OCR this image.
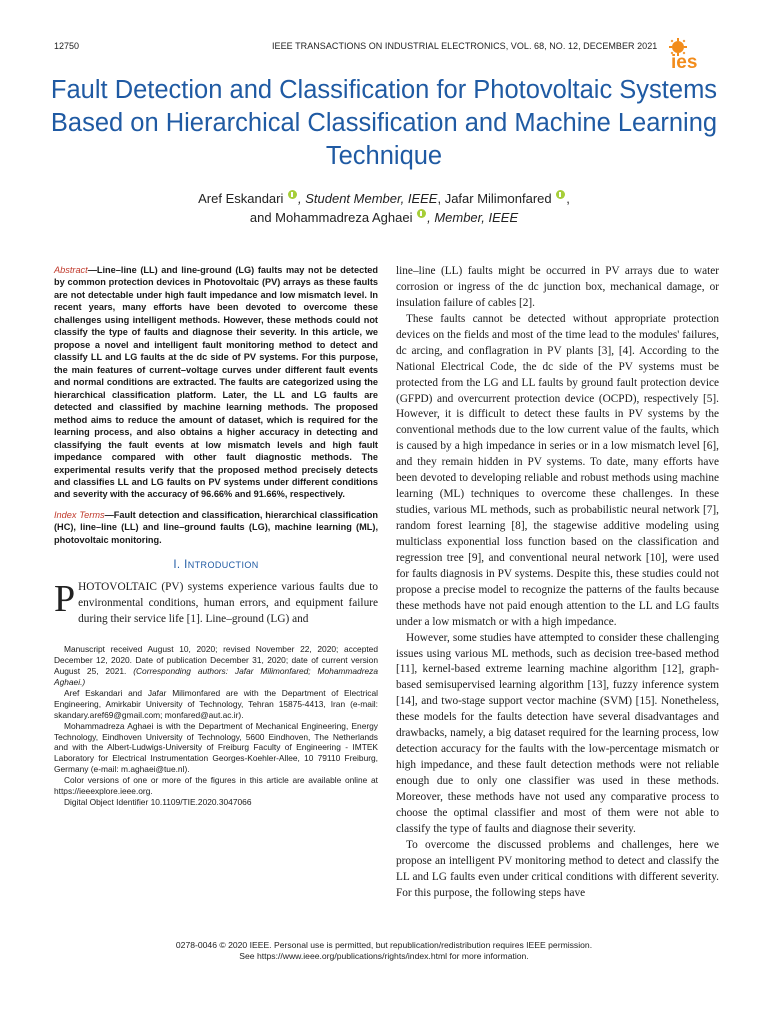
12750	IEEE TRANSACTIONS ON INDUSTRIAL ELECTRONICS, VOL. 68, NO. 12, DECEMBER 2021
ies
Fault Detection and Classification for Photovoltaic Systems Based on Hierarchical Classification and Machine Learning Technique
Aref Eskandari , Student Member, IEEE, Jafar Milimonfared ,
and Mohammadreza Aghaei , Member, IEEE

Abstract—Line–line (LL) and line-ground (LG) faults may not be detected by common protection devices in Photovoltaic (PV) arrays as these faults are not detectable under high fault impedance and low mismatch level. In recent years, many efforts have been devoted to overcome these challenges using intelligent methods. However, these methods could not classify the type of faults and diagnose their severity. In this article, we propose a novel and intelligent fault monitoring method to detect and classify LL and LG faults at the dc side of PV systems. For this purpose, the main features of current–voltage curves under different fault events and normal conditions are extracted. The faults are categorized using the hierarchical classification platform. Later, the LL and LG faults are detected and classified by machine learning methods. The proposed method aims to reduce the amount of dataset, which is required for the learning process, and also obtains a higher accuracy in detecting and classifying the fault events at low mismatch levels and high fault impedance compared with other fault diagnostic methods. The experimental results verify that the proposed method precisely detects and classifies LL and LG faults on PV systems under different conditions and severity with the accuracy of 96.66% and 91.66%, respectively.

Index Terms—Fault detection and classification, hierarchical classification (HC), line–line (LL) and line–ground faults (LG), machine learning (ML), photovoltaic monitoring.

I. INTRODUCTION

PHOTOVOLTAIC (PV) systems experience various faults due to environmental conditions, human errors, and equipment failure during their service life [1]. Line–ground (LG) and

Manuscript received August 10, 2020; revised November 22, 2020; accepted December 12, 2020. Date of publication December 31, 2020; date of current version August 25, 2021. (Corresponding authors: Jafar Milimonfared; Mohammadreza Aghaei.)

Aref Eskandari and Jafar Milimonfared are with the Department of Electrical Engineering, Amirkabir University of Technology, Tehran 15875-4413, Iran (e-mail: skandary.aref69@gmail.com; monfared@aut.ac.ir).

Mohammadreza Aghaei is with the Department of Mechanical Engineering, Energy Technology, Eindhoven University of Technology, 5600 Eindhoven, The Netherlands and with the Albert-Ludwigs-University of Freiburg Faculty of Engineering - IMTEK Laboratory for Electrical Instrumentation Georges-Koehler-Allee, 10 79110 Freiburg, Germany (e-mail: m.aghaei@tue.nl).

Color versions of one or more of the figures in this article are available online at https://ieeexplore.ieee.org.

Digital Object Identifier 10.1109/TIE.2020.3047066

line–line (LL) faults might be occurred in PV arrays due to water corrosion or ingress of the dc junction box, mechanical damage, or insulation failure of cables [2].

These faults cannot be detected without appropriate protection devices on the fields and most of the time lead to the modules' failures, dc arcing, and conflagration in PV plants [3], [4]. According to the National Electrical Code, the dc side of the PV systems must be protected from the LG and LL faults by ground fault protection device (GFPD) and overcurrent protection device (OCPD), respectively [5]. However, it is difficult to detect these faults in PV systems by the conventional methods due to the low current value of the faults, which is caused by a high impedance in series or in a low mismatch level [6], and they remain hidden in PV systems. To date, many efforts have been devoted to developing reliable and robust methods using machine learning (ML) techniques to overcome these challenges. In these studies, various ML methods, such as probabilistic neural network [7], random forest learning [8], the stagewise additive modeling using multiclass exponential loss function based on the classification and regression tree [9], and conventional neural network [10], were used for faults diagnosis in PV systems. Despite this, these studies could not propose a precise model to recognize the patterns of the faults because these methods have not paid enough attention to the LL and LG faults under a low mismatch or with a high impedance.

However, some studies have attempted to consider these challenging issues using various ML methods, such as decision tree-based method [11], kernel-based extreme learning machine algorithm [12], graph-based semisupervised learning algorithm [13], fuzzy inference system [14], and two-stage support vector machine (SVM) [15]. Nonetheless, these models for the faults detection have several disadvantages and drawbacks, namely, a big dataset required for the learning process, low detection accuracy for the faults with the low-percentage mismatch or high impedance, and these fault detection methods were not reliable enough due to only one classifier was used in these methods. Moreover, these methods have not used any comparative process to choose the optimal classifier and most of them were not able to classify the type of faults and diagnose their severity.

To overcome the discussed problems and challenges, here we propose an intelligent PV monitoring method to detect and classify the LL and LG faults even under critical conditions with different severity. For this purpose, the following steps have

0278-0046 © 2020 IEEE. Personal use is permitted, but republication/redistribution requires IEEE permission.
See https://www.ieee.org/publications/rights/index.html for more information.
